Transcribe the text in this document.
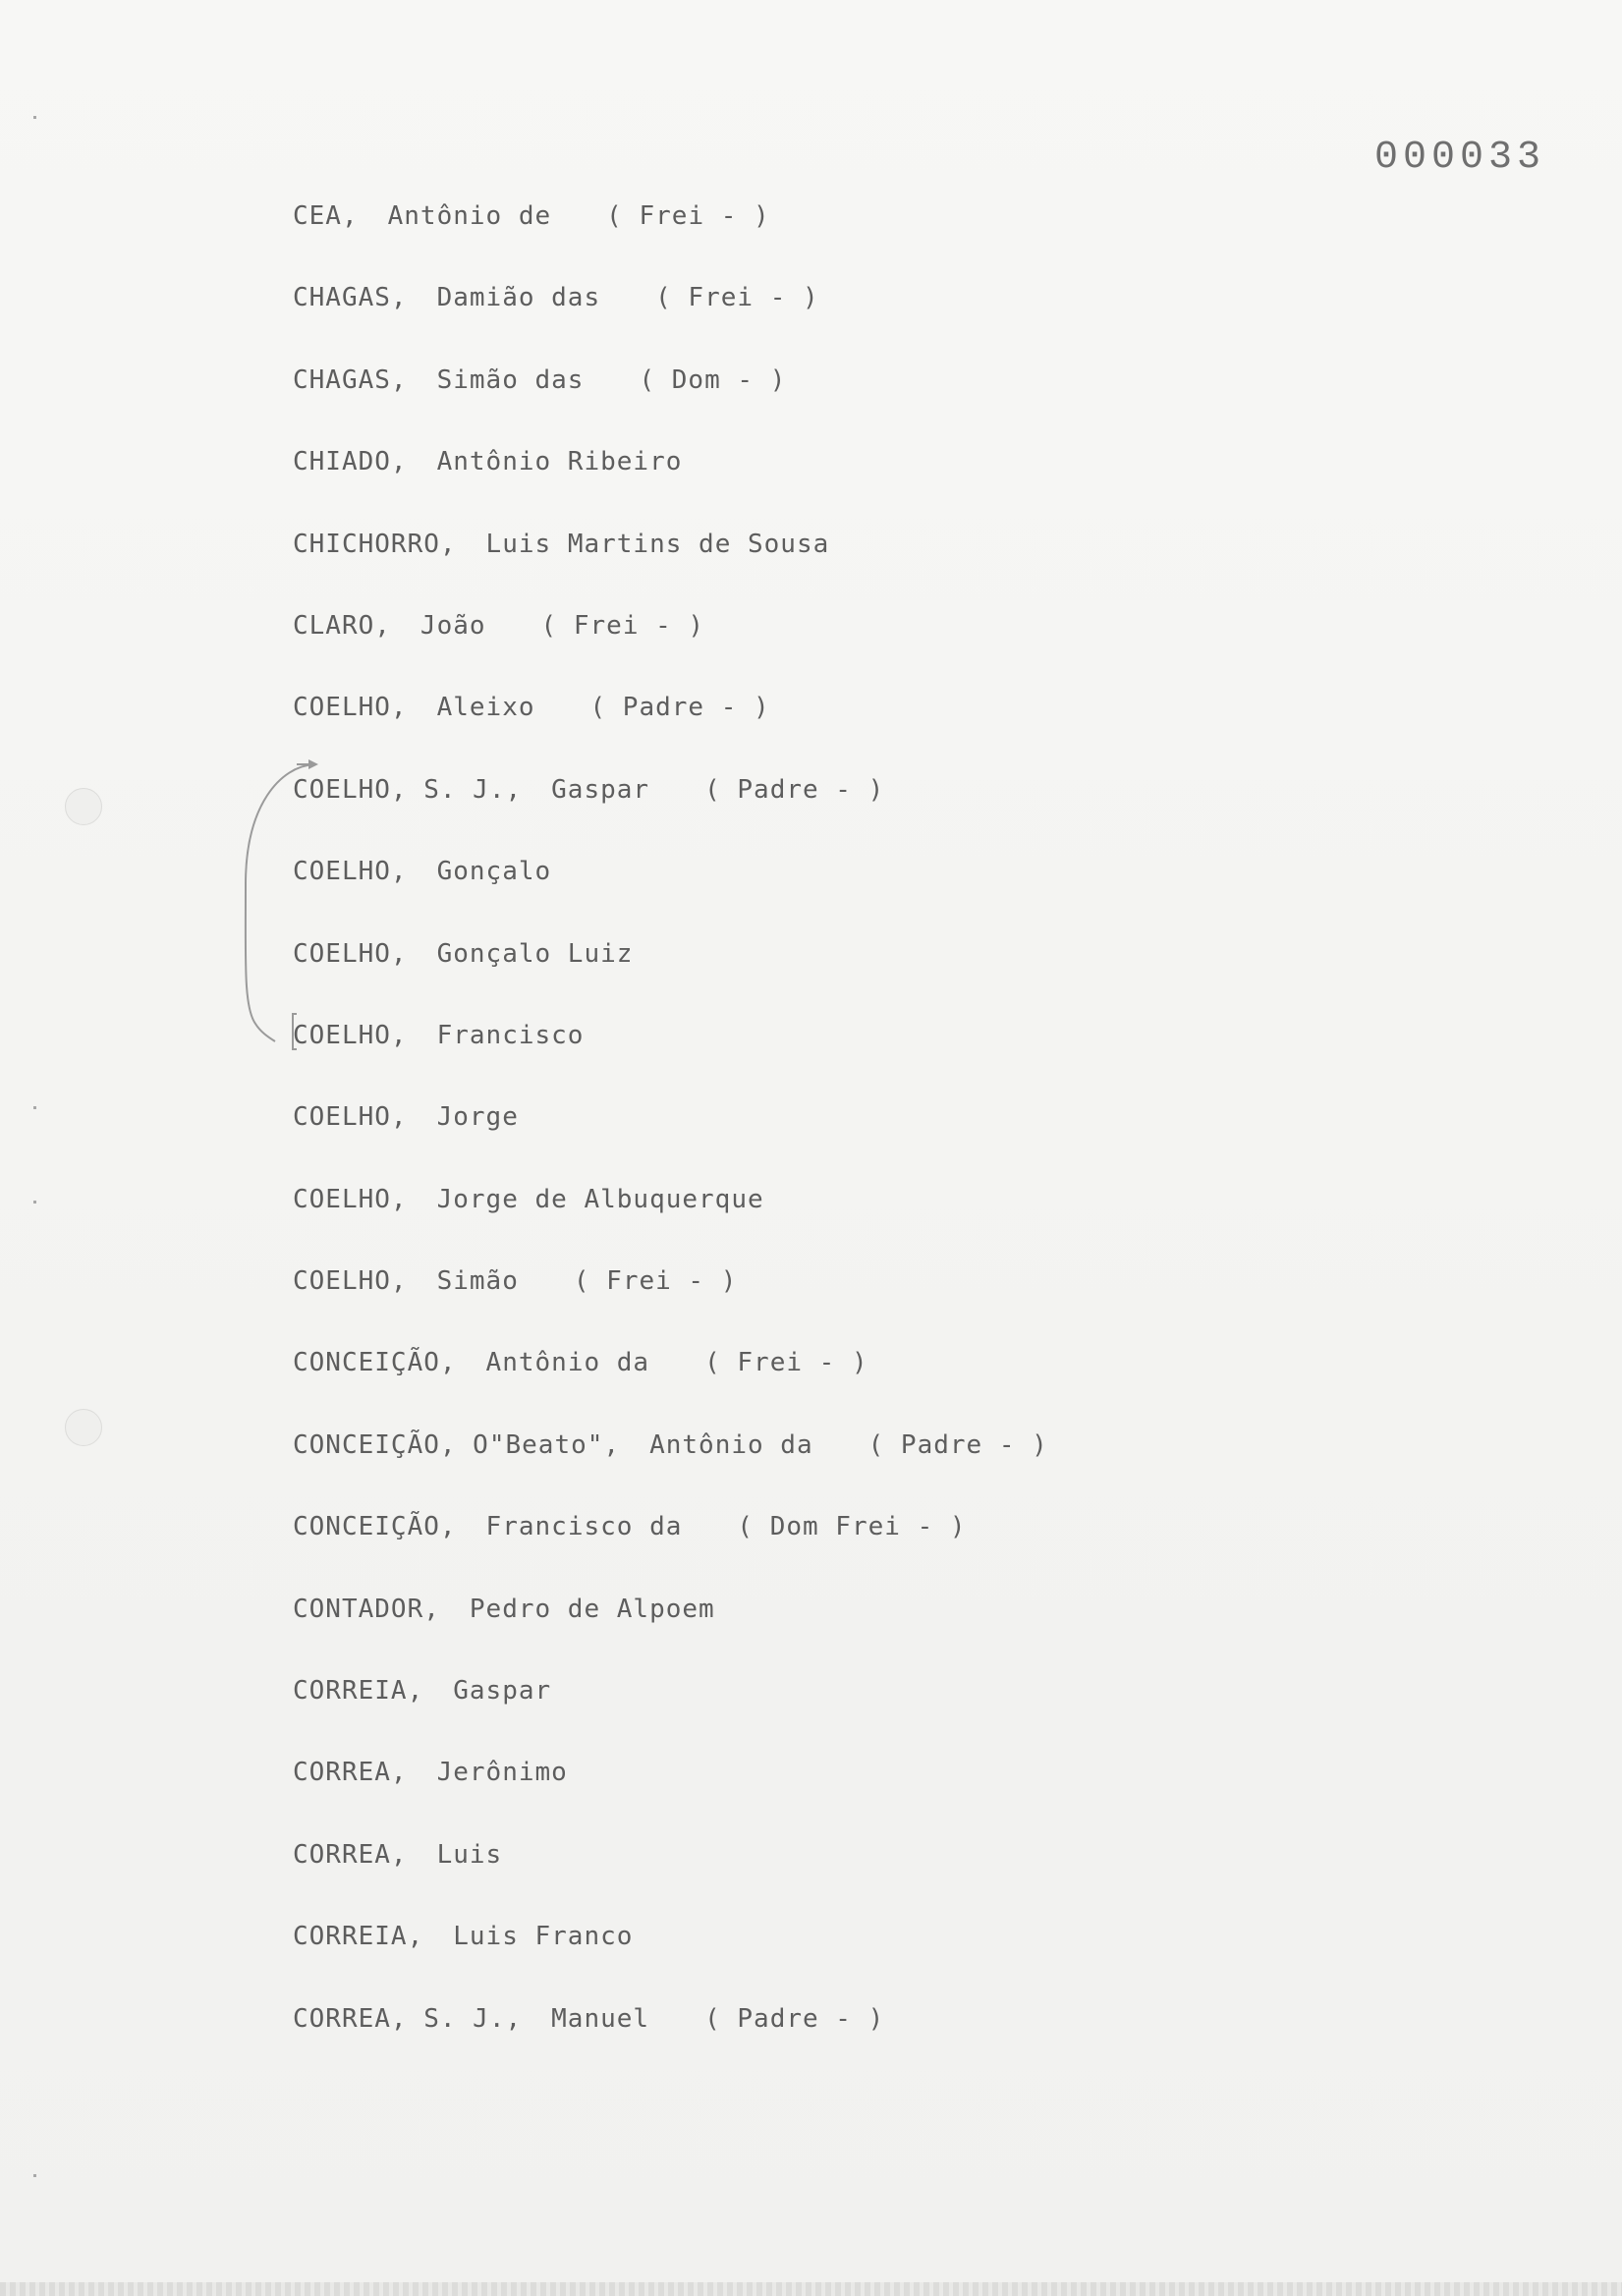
000033
CEA, Antônio de ( Frei - )
CHAGAS, Damião das ( Frei - )
CHAGAS, Simão das ( Dom - )
CHIADO, Antônio Ribeiro
CHICHORRO, Luis Martins de Sousa
CLARO, João ( Frei - )
COELHO, Aleixo ( Padre - )
COELHO, S. J., Gaspar ( Padre - )
COELHO, Gonçalo
COELHO, Gonçalo Luiz
COELHO, Francisco
COELHO, Jorge
COELHO, Jorge de Albuquerque
COELHO, Simão ( Frei - )
CONCEIÇÃO, Antônio da ( Frei - )
CONCEIÇÃO, O"Beato", Antônio da ( Padre - )
CONCEIÇÃO, Francisco da ( Dom Frei - )
CONTADOR, Pedro de Alpoem
CORREIA, Gaspar
CORREA, Jerônimo
CORREA, Luis
CORREIA, Luis Franco
CORREA, S. J., Manuel ( Padre - )
